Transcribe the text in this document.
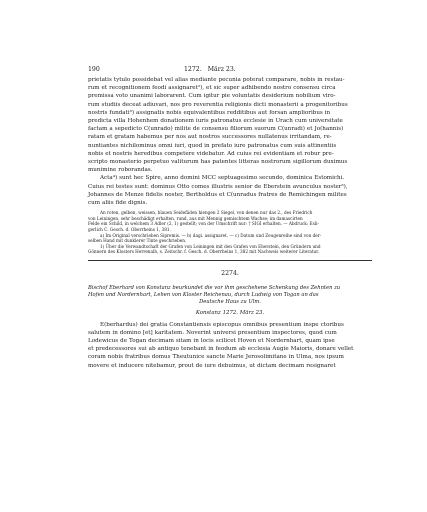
190	1272. März 23.

prietatis tytulo possidebat vel alias mediante pecunia poterat comparare, nobis in restau-

rum et recognitionem feodi assignaret²), et sic super adhibendo nostro consensu circa

premissa voto unanimi laborarent. Cum igitur pie voluntatis desiderium nobilium viro-

rum studiis deceat adiuvari, nos pro reverentia religionis dicti monasterii a progenitoribus

nostris fundati³) assignatis nobis equivalentibus redditibus aut forsan amplioribus in

predicta villa Hohenhem donationem iuris patronatus ecclesie in Urach cum universitate

factam a sepedicto C(unrado) milite de consensu filiorum suorum C(unradi) et Jo(hannis)

ratam et gratam habemus per nos aut nostros successores nullatenus irritandam, re-

nuntiantes nichilominus omni iuri, quod in prefato iure patronatus cum suis attinentiis

nobis et nostris heredibus competere videbatur. Ad cuius rei evidentiam et robur pre-

scripto monasterio perpetuo valiturum has patentes litteras nostrorum sigillorum duximus

munimine roborandas.

Acta⁴) sunt hec Spire, anno domini MCC septuagesimo secundo, dominica Estomichi.

Cuius rei testes sunt: dominus Otto comes illustris senior de Eberstein avunculus noster⁵),

Johannes de Menze fidelis noster, Bertholdus et C(unradus fratres de Remichingen milites

cum aliis fide dignis.

An roten, gelben, weissen, blauen Seidefäden hiengen 2 Siegel, von denen nur das 2., des Friedrich

von Leiningen, sehr beschädigt erhalten, rund, aus mit Mennig gemischtem Wachse; im damascirten

Felde ein Schild, in welchem 3 Adler (2, 1) gestellt; von der Umschrift nur: † SIGI erhalten. — Abdruck: Esli-

gerlich C. Gesch. d. Oberrheins 1, 381.

a) Im Original verschrieben Sipremis. — b) dagi. assignaret. — c) Datum und Zeugenreihe sind von der-

selben Hand mit dunklerer Tinte geschrieben.

1) Über die Verwandtschaft der Grafen von Leiningen mit den Grafen von Eberstein, den Gründern und

Gönnern des Klosters Herrenalb, s. Zeitschr. f. Gesch. d. Oberrheins 1, 382 mit Nachweis weiterer Literatur.

2274.
Bischof Eberhard von Konstanz beurkundet die vor ihm geschehene Schenkung des Zehnten zu
Hofen und Nordernhart, Lehen von Kloster Reichenau, durch Ludwig von Togan an das
Deutsche Haus zu Ulm.
Konstanz 1272. März 23.

E(berhardus) dei gratia Constantiensis episcopus omnibus presentium inspe ctoribus

salutem in domino [et] karitatem. Noverint universi presentium inspectores, quod cum

Lodewicus de Togan decimam sitam in locis scilicet Hoven et Nordernhart, quam ipse

et predecessores sui ab antiquo tenebant in feodum ab ecclesia Augie Maioris, donare vellet

coram nobis fratribus domus Theutunice sancte Marie Jerosolimitane in Ulma, nos ipsum

movere et inducere nitebamur, prout de iure debuimus, ut dictam decimam resignaret
